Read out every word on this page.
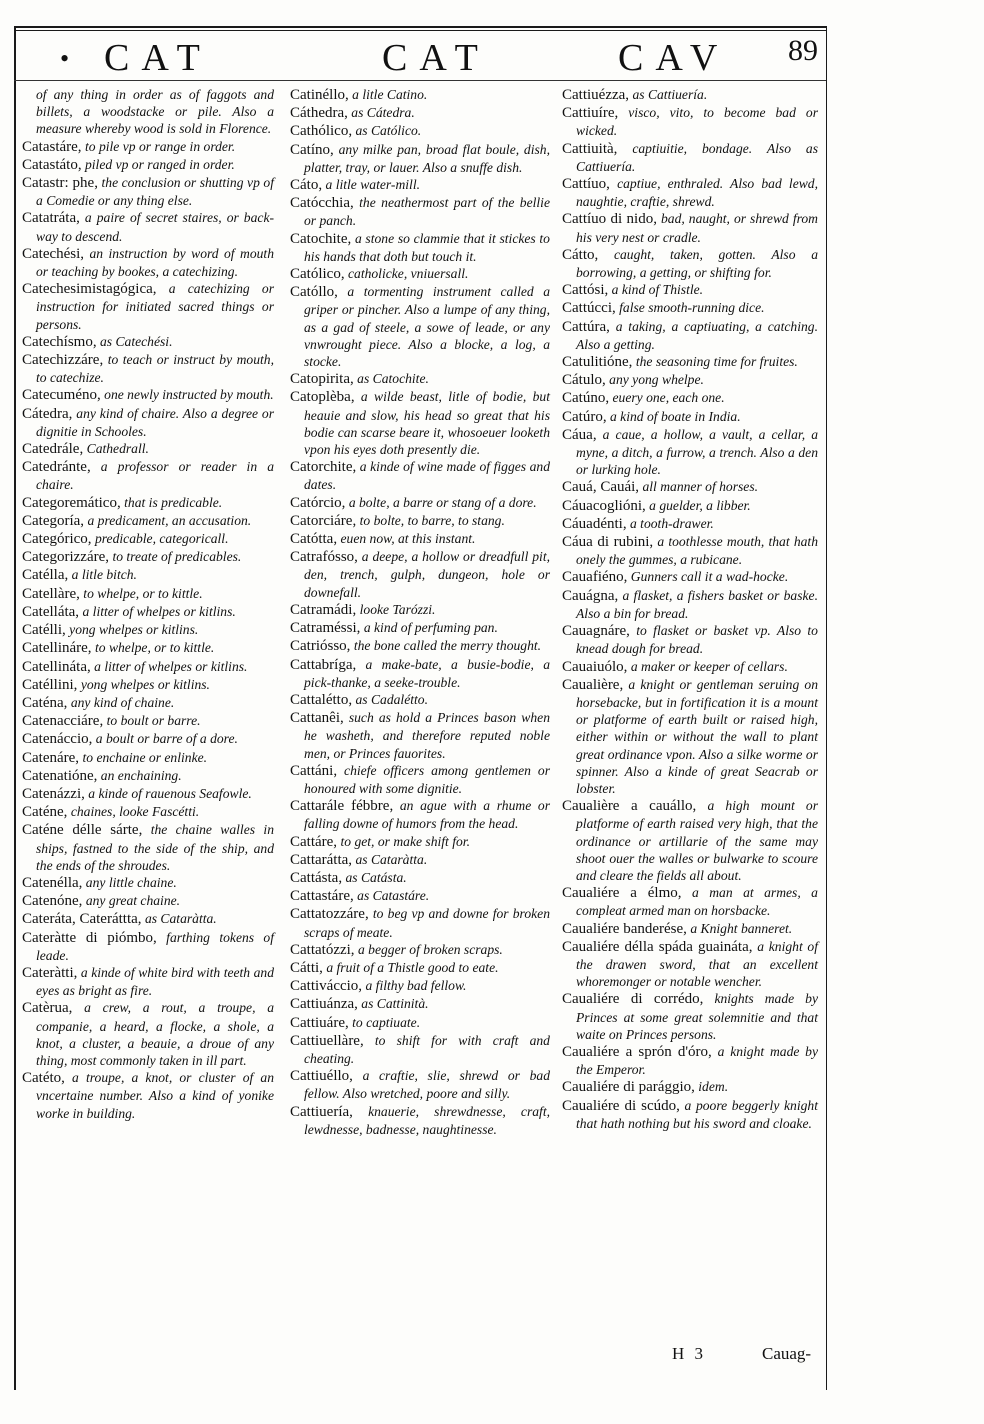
• CAT	CAT	CAV 89
of any thing in order as of faggots and billets, a woodstacke or pile. Also a measure whereby wood is sold in Florence.
Catastáre, to pile vp or range in order.
Catastáto, piled vp or ranged in order.
Catastr: phe, the conclusion or shutting vp of a Comedie or any thing else.
Catatráta, a paire of secret staires, or back-way to descend.
Catechési, an instruction by word of mouth or teaching by bookes, a catechizing.
Catechesimistagógica, a catechizing or instruction for initiated sacred things or persons.
Catechísmo, as Catechési.
Catechizzáre, to teach or instruct by mouth, to catechize.
Catecuméno, one newly instructed by mouth.
Cátedra, any kind of chaire. Also a degree or dignitie in Schooles.
Catedrále, Cathedrall.
Catedránte, a professor or reader in a chaire.
Categoremático, that is predicable.
Categoría, a predicament, an accusation.
Categórico, predicable, categoricall.
Categorizzáre, to treate of predicables.
Catélla, a litle bitch.
Catellàre, to whelpe, or to kittle.
Catelláta, a litter of whelpes or kitlins.
Catélli, yong whelpes or kitlins.
Catellináre, to whelpe, or to kittle.
Catellináta, a litter of whelpes or kitlins.
Catéllini, yong whelpes or kitlins.
Caténa, any kind of chaine.
Catenacciáre, to boult or barre.
Catenáccio, a boult or barre of a dore.
Catenáre, to enchaine or enlinke.
Catenatióne, an enchaining.
Catenázzi, a kinde of rauenous Seafowle.
Caténe, chaines, looke Fascétti.
Caténe délle sárte, the chaine walles in ships, fastned to the side of the ship, and the ends of the shroudes.
Catenélla, any little chaine.
Catenóne, any great chaine.
Cateráta, Cateráttta, as Cataràtta.
Cateràtte di piómbo, farthing tokens of leade.
Cateràtti, a kinde of white bird with teeth and eyes as bright as fire.
Catèrua, a crew, a rout, a troupe, a companie, a heard, a flocke, a shole, a knot, a cluster, a beauie, a droue of any thing, most commonly taken in ill part.
Catéto, a troupe, a knot, or cluster of an vncertaine number. Also a kind of yonike worke in building.
Catinéllo, a litle Catino.
Cáthedra, as Cátedra.
Cathólico, as Católico.
Catíno, any milke pan, broad flat boule, dish, platter, tray, or lauer. Also a snuffe dish.
Cáto, a litle water-mill.
Catócchia, the neathermost part of the bellie or panch.
Catochite, a stone so clammie that it stickes to his hands that doth but touch it.
Católico, catholicke, vniuersall.
Católlo, a tormenting instrument called a griper or pincher. Also a lumpe of any thing, as a gad of steele, a sowe of leade, or any vnwrought piece. Also a blocke, a log, a stocke.
Catopirita, as Catochite.
Catoplèba, a wilde beast, litle of bodie, but heauie and slow, his head so great that his bodie can scarse beare it, whosoeuer looketh vpon his eyes doth presently die.
Catorchite, a kinde of wine made of figges and dates.
Catórcio, a bolte, a barre or stang of a dore.
Catorciáre, to bolte, to barre, to stang.
Catótta, euen now, at this instant.
Catrafósso, a deepe, a hollow or dreadfull pit, den, trench, gulph, dungeon, hole or downefall.
Catramádi, looke Tarózzi.
Catraméssi, a kind of perfuming pan.
Catriósso, the bone called the merry thought.
Cattabríga, a make-bate, a busie-bodie, a pick-thanke, a seeke-trouble.
Cattalétto, as Cadalétto.
Cattanêi, such as hold a Princes bason when he washeth, and therefore reputed noble men, or Princes fauorites.
Cattáni, chiefe officers among gentlemen or honoured with some dignitie.
Cattarále fébbre, an ague with a rhume or falling downe of humors from the head.
Cattáre, to get, or make shift for.
Cattarátta, as Cataràtta.
Cattásta, as Catásta.
Cattastáre, as Catastáre.
Cattatozzáre, to beg vp and downe for broken scraps of meate.
Cattatózzi, a begger of broken scraps.
Cátti, a fruit of a Thistle good to eate.
Cattiváccio, a filthy bad fellow.
Cattiuánza, as Cattinità.
Cattiuáre, to captiuate.
Cattiuellàre, to shift for with craft and cheating.
Cattiuéllo, a craftie, slie, shrewd or bad fellow. Also wretched, poore and silly.
Cattiuería, knauerie, shrewdnesse, craft, lewdnesse, badnesse, naughtinesse.
Cattiuézza, as Cattiuería.
Cattiuíre, visco, vito, to become bad or wicked.
Cattiuità, captiuitie, bondage. Also as Cattiuería.
Cattíuo, captiue, enthraled. Also bad lewd, naughtie, craftie, shrewd.
Cattíuo di nido, bad, naught, or shrewd from his very nest or cradle.
Cátto, caught, taken, gotten. Also a borrowing, a getting, or shifting for.
Cattósi, a kind of Thistle.
Cattúcci, false smooth-running dice.
Cattúra, a taking, a captiuating, a catching. Also a getting.
Catulitióne, the seasoning time for fruites.
Cátulo, any yong whelpe.
Catúno, euery one, each one.
Catúro, a kind of boate in India.
Cáua, a caue, a hollow, a vault, a cellar, a myne, a ditch, a furrow, a trench. Also a den or lurking hole.
Cauá, Cauái, all manner of horses.
Cáuacoglióni, a guelder, a libber.
Cáuadénti, a tooth-drawer.
Cáua di rubini, a toothlesse mouth, that hath onely the gummes, a rubicane.
Cauafiéno, Gunners call it a wad-hocke.
Cauágna, a flasket, a fishers basket or baske. Also a bin for bread.
Cauagnáre, to flasket or basket vp. Also to knead dough for bread.
Cauaiuólo, a maker or keeper of cellars.
Caualière, a knight or gentleman seruing on horsebacke, but in fortification it is a mount or platforme of earth built or raised high, either within or without the wall to plant great ordinance vpon. Also a silke worme or spinner. Also a kinde of great Seacrab or lobster.
Caualière a cauállo, a high mount or platforme of earth raised very high, that the ordinance or artillarie of the same may shoot ouer the walles or bulwarke to scoure and cleare the fields all about.
Caualiére a élmo, a man at armes, a compleat armed man on horsbacke.
Caualiére banderése, a Knight banneret.
Caualiére délla spáda guaináta, a knight of the drawen sword, that an excellent whoremonger or notable wencher.
Caualiére di corrédo, knights made by Princes at some great solemnitie and that waite on Princes persons.
Caualiére a sprón d'óro, a knight made by the Emperor.
Caualiére di parággio, idem.
Caualiére di scúdo, a poore beggerly knight that hath nothing but his sword and cloake.
H 3	Cauag-
